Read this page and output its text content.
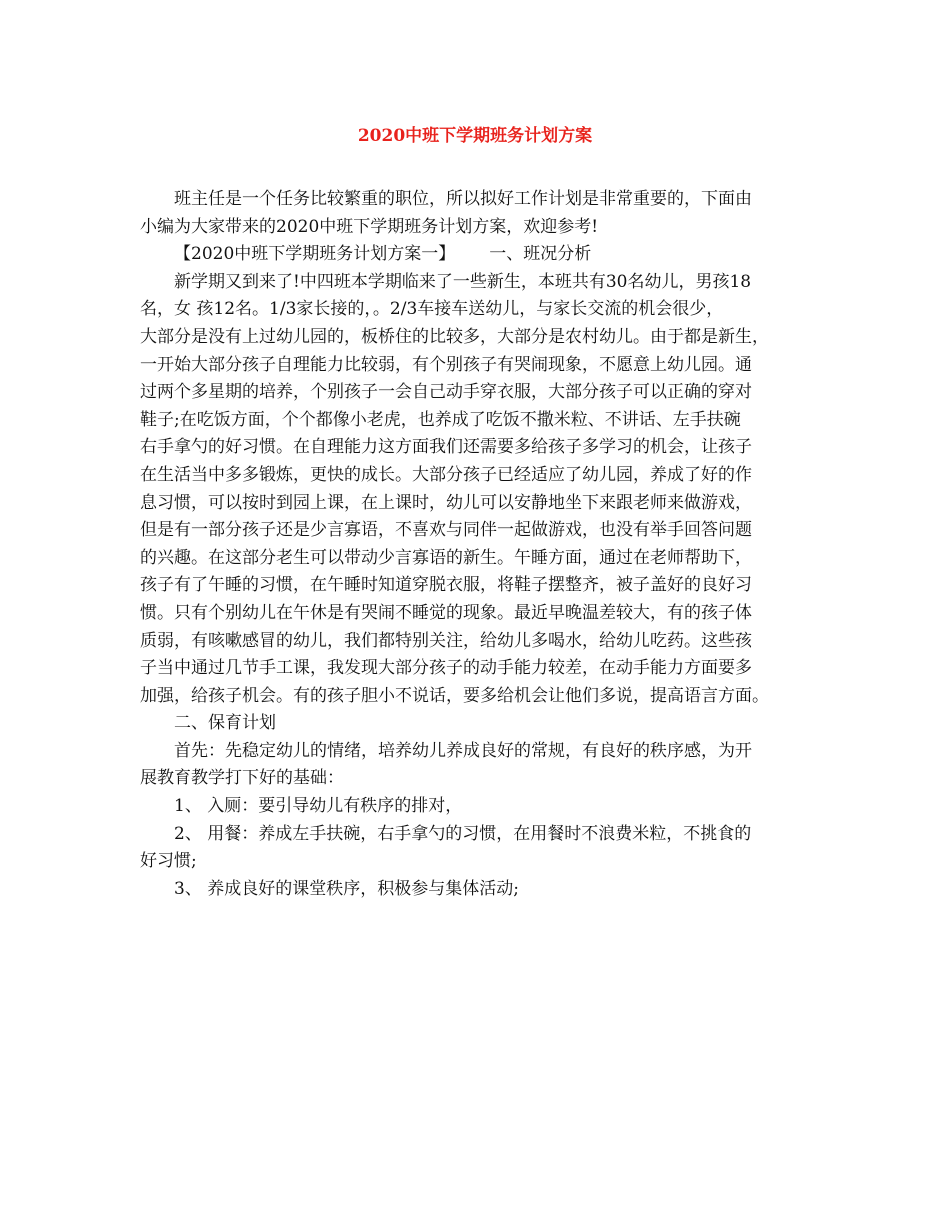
2020中班下学期班务计划方案
班主任是一个任务比较繁重的职位，所以拟好工作计划是非常重要的，下面由
小编为大家带来的2020中班下学期班务计划方案，欢迎参考!
【2020中班下学期班务计划方案一】 一、班况分析
新学期又到来了!中四班本学期临来了一些新生，本班共有30名幼儿，男孩18
名，女 孩12名。1/3家长接的，。2/3车接车送幼儿，与家长交流的机会很少，
大部分是没有上过幼儿园的，板桥住的比较多，大部分是农村幼儿。由于都是新生，
一开始大部分孩子自理能力比较弱，有个别孩子有哭闹现象，不愿意上幼儿园。通
过两个多星期的培养，个别孩子一会自己动手穿衣服，大部分孩子可以正确的穿对
鞋子;在吃饭方面，个个都像小老虎，也养成了吃饭不撒米粒、不讲话、左手扶碗
右手拿勺的好习惯。在自理能力这方面我们还需要多给孩子多学习的机会，让孩子
在生活当中多多锻炼，更快的成长。大部分孩子已经适应了幼儿园，养成了好的作
息习惯，可以按时到园上课，在上课时，幼儿可以安静地坐下来跟老师来做游戏，
但是有一部分孩子还是少言寡语，不喜欢与同伴一起做游戏，也没有举手回答问题
的兴趣。在这部分老生可以带动少言寡语的新生。午睡方面，通过在老师帮助下，
孩子有了午睡的习惯，在午睡时知道穿脱衣服，将鞋子摆整齐，被子盖好的良好习
惯。只有个别幼儿在午休是有哭闹不睡觉的现象。最近早晚温差较大，有的孩子体
质弱，有咳嗽感冒的幼儿，我们都特别关注，给幼儿多喝水，给幼儿吃药。这些孩
子当中通过几节手工课，我发现大部分孩子的动手能力较差，在动手能力方面要多
加强，给孩子机会。有的孩子胆小不说话，要多给机会让他们多说，提高语言方面。
二、保育计划
首先：先稳定幼儿的情绪，培养幼儿养成良好的常规，有良好的秩序感，为开
展教育教学打下好的基础：
1、 入厕：要引导幼儿有秩序的排对，
2、 用餐：养成左手扶碗，右手拿勺的习惯，在用餐时不浪费米粒，不挑食的
好习惯;
3、 养成良好的课堂秩序，积极参与集体活动;
